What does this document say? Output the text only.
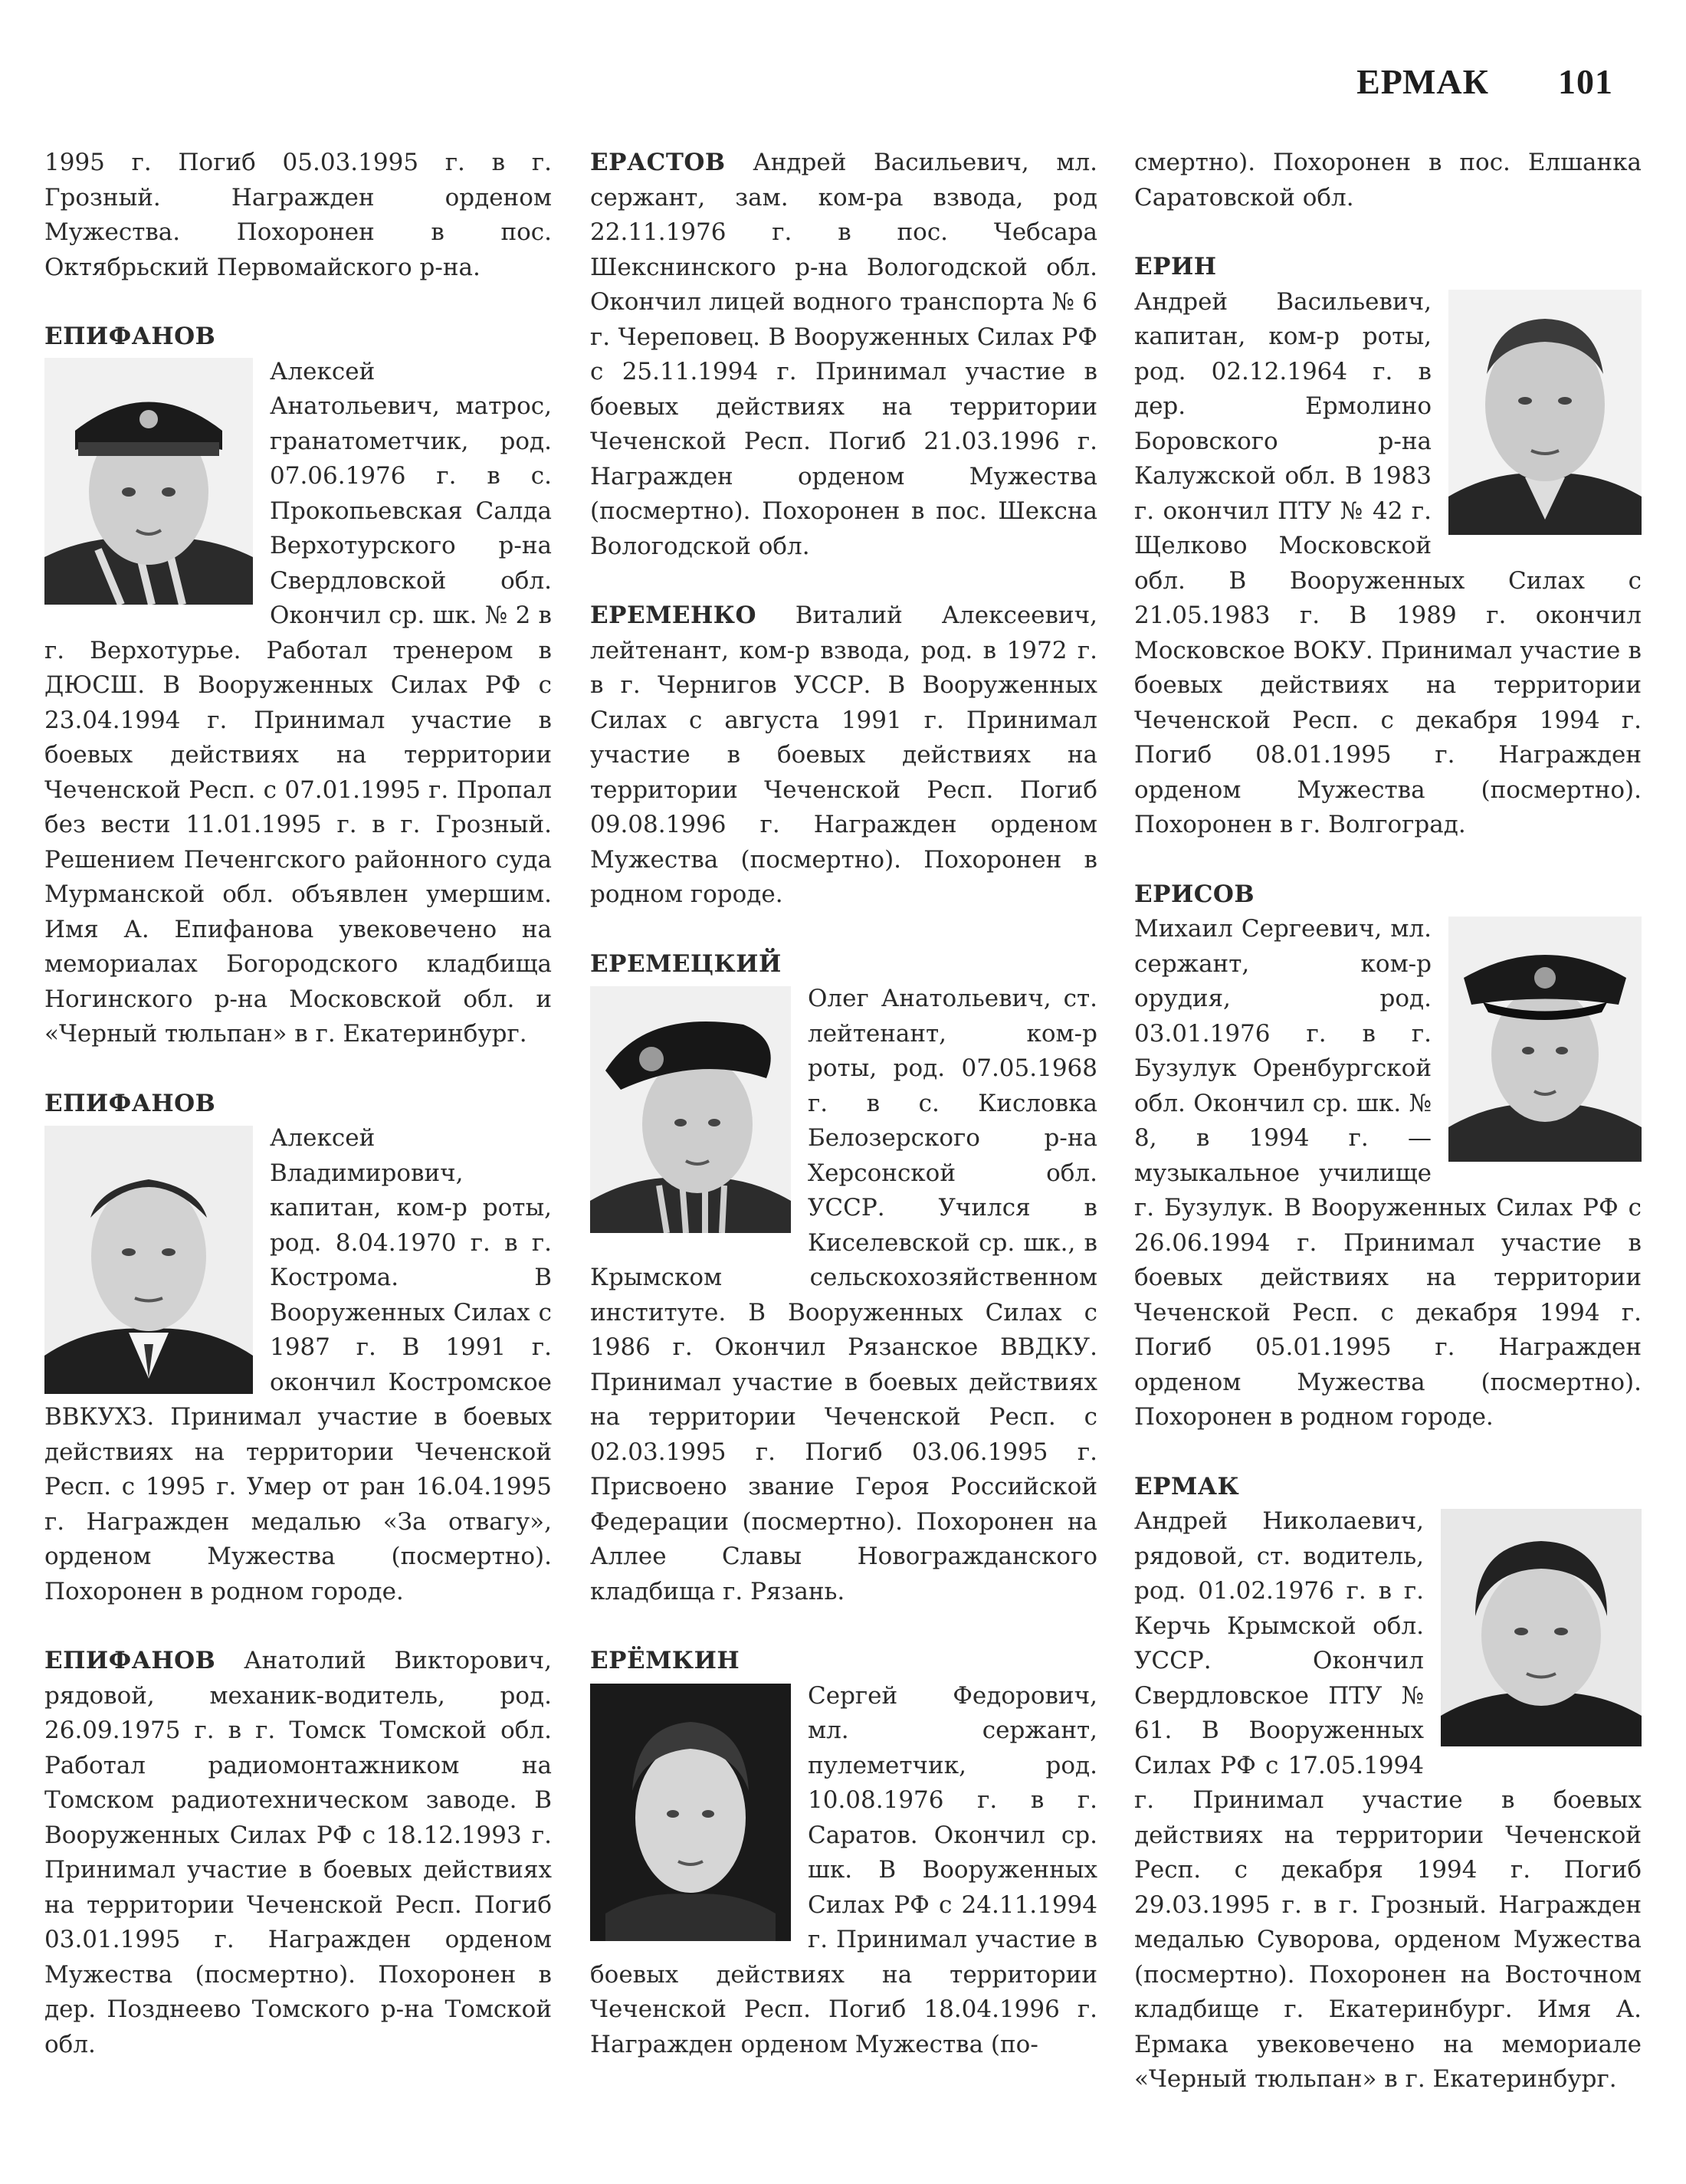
ЕРМАК 101

1995 г. Погиб 05.03.1995 г. в г. Грозный. Награжден орденом Мужества. Похоронен в пос. Октябрьский Первомайского р-на.

ЕПИФАНОВ

Алексей Анатольевич, матрос, гранатометчик, род. 07.06.1976 г. в с. Прокопьевская Салда Верхотурского р-на Свердловской обл. Окончил ср. шк. № 2 в г. Верхотурье. Работал тренером в ДЮСШ. В Вооруженных Силах РФ с 23.04.1994 г. Принимал участие в боевых действиях на территории Чеченской Респ. с 07.01.1995 г. Пропал без вести 11.01.1995 г. в г. Грозный. Решением Печенгского районного суда Мурманской обл. объявлен умершим. Имя А. Епифанова увековечено на мемориалах Богородского кладбища Ногинского р-на Московской обл. и «Черный тюльпан» в г. Екатеринбург.

ЕПИФАНОВ

Алексей Владимирович, капитан, ком-р роты, род. 8.04.1970 г. в г. Кострома. В Вооруженных Силах с 1987 г. В 1991 г. окончил Костромское ВВКУХЗ. Принимал участие в боевых действиях на территории Чеченской Респ. с 1995 г. Умер от ран 16.04.1995 г. Награжден медалью «За отвагу», орденом Мужества (посмертно). Похоронен в родном городе.

ЕПИФАНОВ Анатолий Викторович, рядовой, механик-водитель, род. 26.09.1975 г. в г. Томск Томской обл. Работал радиомонтажником на Томском радиотехническом заводе. В Вооруженных Силах РФ с 18.12.1993 г. Принимал участие в боевых действиях на территории Чеченской Респ. Погиб 03.01.1995 г. Награжден орденом Мужества (посмертно). Похоронен в дер. Позднеево Томского р-на Томской обл.

ЕРАСТОВ Андрей Васильевич, мл. сержант, зам. ком-ра взвода, род 22.11.1976 г. в пос. Чебсара Шекснинского р-на Вологодской обл. Окончил лицей водного транспорта № 6 г. Череповец. В Вооруженных Силах РФ с 25.11.1994 г. Принимал участие в боевых действиях на территории Чеченской Респ. Погиб 21.03.1996 г. Награжден орденом Мужества (посмертно). Похоронен в пос. Шексна Вологодской обл.

ЕРЕМЕНКО Виталий Алексеевич, лейтенант, ком-р взвода, род. в 1972 г. в г. Чернигов УССР. В Вооруженных Силах с августа 1991 г. Принимал участие в боевых действиях на территории Чеченской Респ. Погиб 09.08.1996 г. Награжден орденом Мужества (посмертно). Похоронен в родном городе.

ЕРЕМЕЦКИЙ

Олег Анатольевич, ст. лейтенант, ком-р роты, род. 07.05.1968 г. в с. Кисловка Белозерского р-на Херсонской обл. УССР. Учился в Киселевской ср. шк., в Крымском сельскохозяйственном институте. В Вооруженных Силах с 1986 г. Окончил Рязанское ВВДКУ. Принимал участие в боевых действиях на территории Чеченской Респ. с 02.03.1995 г. Погиб 03.06.1995 г. Присвоено звание Героя Российской Федерации (посмертно). Похоронен на Аллее Славы Новогражданского кладбища г. Рязань.

ЕРЁМКИН

Сергей Федорович, мл. сержант, пулеметчик, род. 10.08.1976 г. в г. Саратов. Окончил ср. шк. В Вооруженных Силах РФ с 24.11.1994 г. Принимал участие в боевых действиях на территории Чеченской Респ. Погиб 18.04.1996 г. Награжден орденом Мужества (по-

смертно). Похоронен в пос. Елшанка Саратовской обл.

ЕРИН

Андрей Васильевич, капитан, ком-р роты, род. 02.12.1964 г. в дер. Ермолино Боровского р-на Калужской обл. В 1983 г. окончил ПТУ № 42 г. Щелково Московской обл. В Вооруженных Силах с 21.05.1983 г. В 1989 г. окончил Московское ВОКУ. Принимал участие в боевых действиях на территории Чеченской Респ. с декабря 1994 г. Погиб 08.01.1995 г. Награжден орденом Мужества (посмертно). Похоронен в г. Волгоград.

ЕРИСОВ

Михаил Сергеевич, мл. сержант, ком-р орудия, род. 03.01.1976 г. в г. Бузулук Оренбургской обл. Окончил ср. шк. № 8, в 1994 г. — музыкальное училище г. Бузулук. В Вооруженных Силах РФ с 26.06.1994 г. Принимал участие в боевых действиях на территории Чеченской Респ. с декабря 1994 г. Погиб 05.01.1995 г. Награжден орденом Мужества (посмертно). Похоронен в родном городе.

ЕРМАК

Андрей Николаевич, рядовой, ст. водитель, род. 01.02.1976 г. в г. Керчь Крымской обл. УССР. Окончил Свердловское ПТУ № 61. В Вооруженных Силах РФ с 17.05.1994 г. Принимал участие в боевых действиях на территории Чеченской Респ. с декабря 1994 г. Погиб 29.03.1995 г. в г. Грозный. Награжден медалью Суворова, орденом Мужества (посмертно). Похоронен на Восточном кладбище г. Екатеринбург. Имя А. Ермака увековечено на мемориале «Черный тюльпан» в г. Екатеринбург.
